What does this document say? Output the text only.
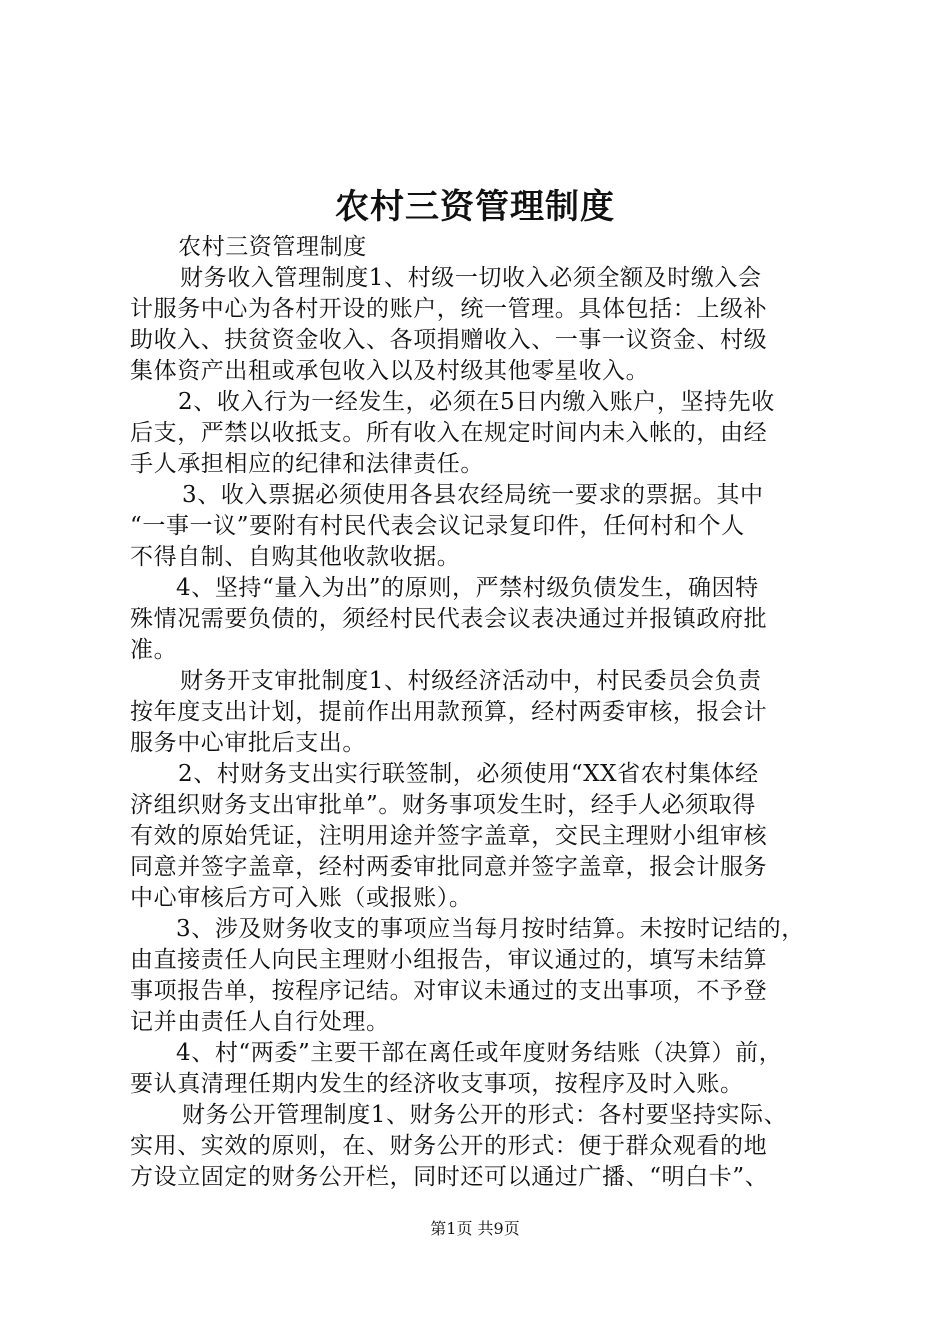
农村三资管理制度
农村三资管理制度
财务收入管理制度1、村级一切收入必须全额及时缴入会
计服务中心为各村开设的账户，统一管理。具体包括：上级补
助收入、扶贫资金收入、各项捐赠收入、一事一议资金、村级
集体资产出租或承包收入以及村级其他零星收入。
2、收入行为一经发生，必须在5日内缴入账户，坚持先收
后支，严禁以收抵支。所有收入在规定时间内未入帐的，由经
手人承担相应的纪律和法律责任。
3、收入票据必须使用各县农经局统一要求的票据。其中
“一事一议”要附有村民代表会议记录复印件，任何村和个人
不得自制、自购其他收款收据。
4、坚持“量入为出”的原则，严禁村级负债发生，确因特
殊情况需要负债的，须经村民代表会议表决通过并报镇政府批
准。
财务开支审批制度1、村级经济活动中，村民委员会负责
按年度支出计划，提前作出用款预算，经村两委审核，报会计
服务中心审批后支出。
2、村财务支出实行联签制，必须使用“XX省农村集体经
济组织财务支出审批单”。财务事项发生时，经手人必须取得
有效的原始凭证，注明用途并签字盖章，交民主理财小组审核
同意并签字盖章，经村两委审批同意并签字盖章，报会计服务
中心审核后方可入账（或报账）。
3、涉及财务收支的事项应当每月按时结算。未按时记结的，
由直接责任人向民主理财小组报告，审议通过的，填写未结算
事项报告单，按程序记结。对审议未通过的支出事项，不予登
记并由责任人自行处理。
4、村“两委”主要干部在离任或年度财务结账（决算）前，
要认真清理任期内发生的经济收支事项，按程序及时入账。
财务公开管理制度1、财务公开的形式：各村要坚持实际、
实用、实效的原则，在、财务公开的形式：便于群众观看的地
方设立固定的财务公开栏，同时还可以通过广播、“明白卡”、
第1页 共9页
